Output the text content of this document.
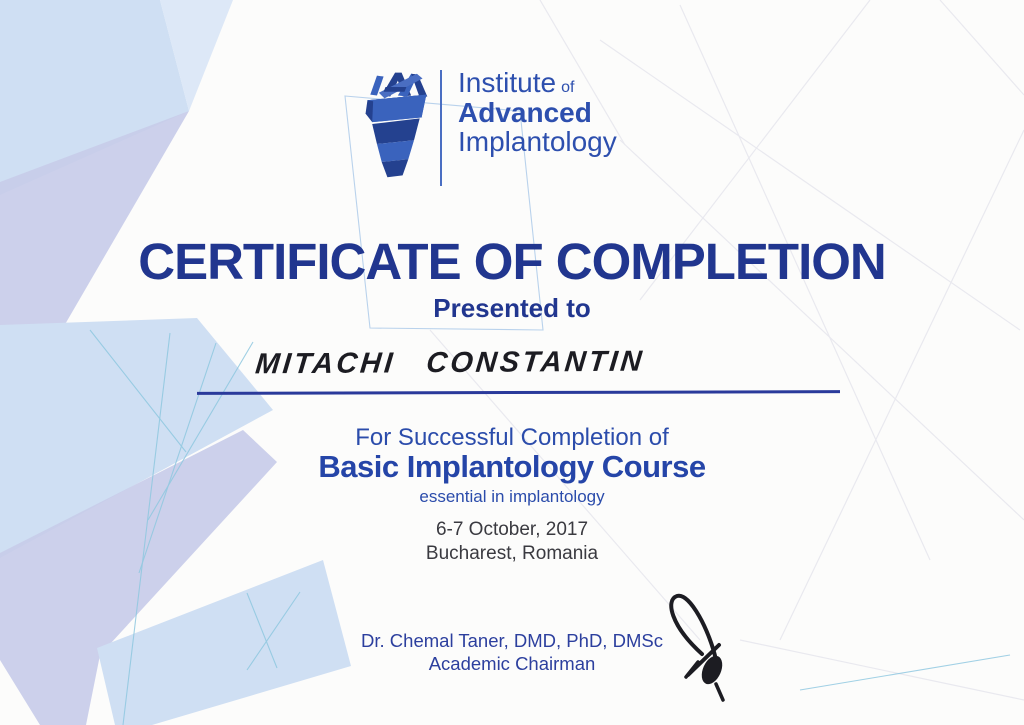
Institute of
Advanced
Implantology
CERTIFICATE OF COMPLETION
Presented to
MITACHI CONSTANTIN
For Successful Completion of
Basic Implantology Course
essential in implantology
6-7 October, 2017
Bucharest, Romania
Dr. Chemal Taner, DMD, PhD, DMSc
Academic Chairman
